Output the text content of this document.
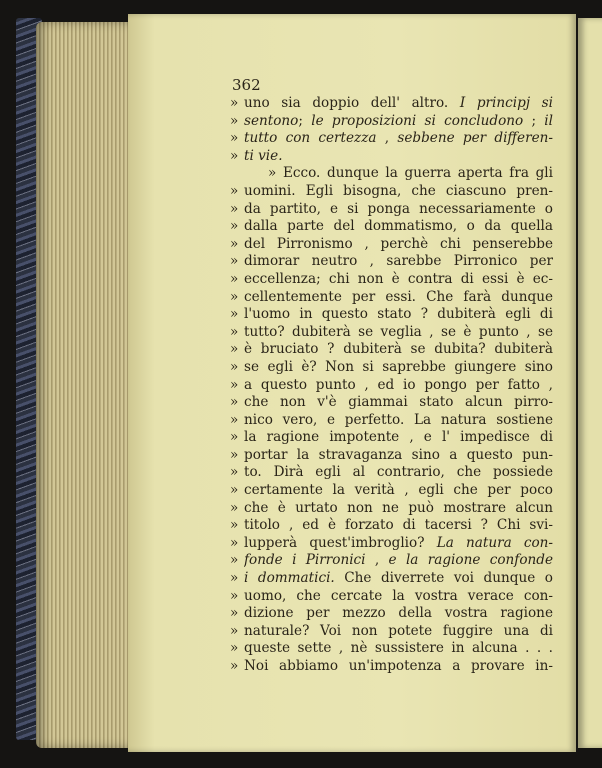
362
» uno sia doppio dell' altro. I principj si
» sentono; le proposizioni si concludono ; il
» tutto con certezza , sebbene per differen-
» ti vie.
» Ecco. dunque la guerra aperta fra gli
» uomini. Egli bisogna, che ciascuno pren-
» da partito, e si ponga necessariamente o
» dalla parte del dommatismo, o da quella
» del Pirronismo , perchè chi penserebbe
» dimorar neutro , sarebbe Pirronico per
» eccellenza; chi non è contra di essi è ec-
» cellentemente per essi. Che farà dunque
» l'uomo in questo stato ? dubiterà egli di
» tutto? dubiterà se veglia , se è punto , se
» è bruciato ? dubiterà se dubita? dubiterà
» se egli è? Non si saprebbe giungere sino
» a questo punto , ed io pongo per fatto ,
» che non v'è giammai stato alcun pirro-
» nico vero, e perfetto. La natura sostiene
» la ragione impotente , e l' impedisce di
» portar la stravaganza sino a questo pun-
» to. Dirà egli al contrario, che possiede
» certamente la verità , egli che per poco
» che è urtato non ne può mostrare alcun
» titolo , ed è forzato di tacersi ? Chi svi-
» lupperà quest'imbroglio? La natura con-
» fonde i Pirronici , e la ragione confonde
» i dommatici. Che diverrete voi dunque o
» uomo, che cercate la vostra verace con-
» dizione per mezzo della vostra ragione
» naturale? Voi non potete fuggire una di
» queste sette , nè sussistere in alcuna . . .
» Noi abbiamo un'impotenza a provare in-
